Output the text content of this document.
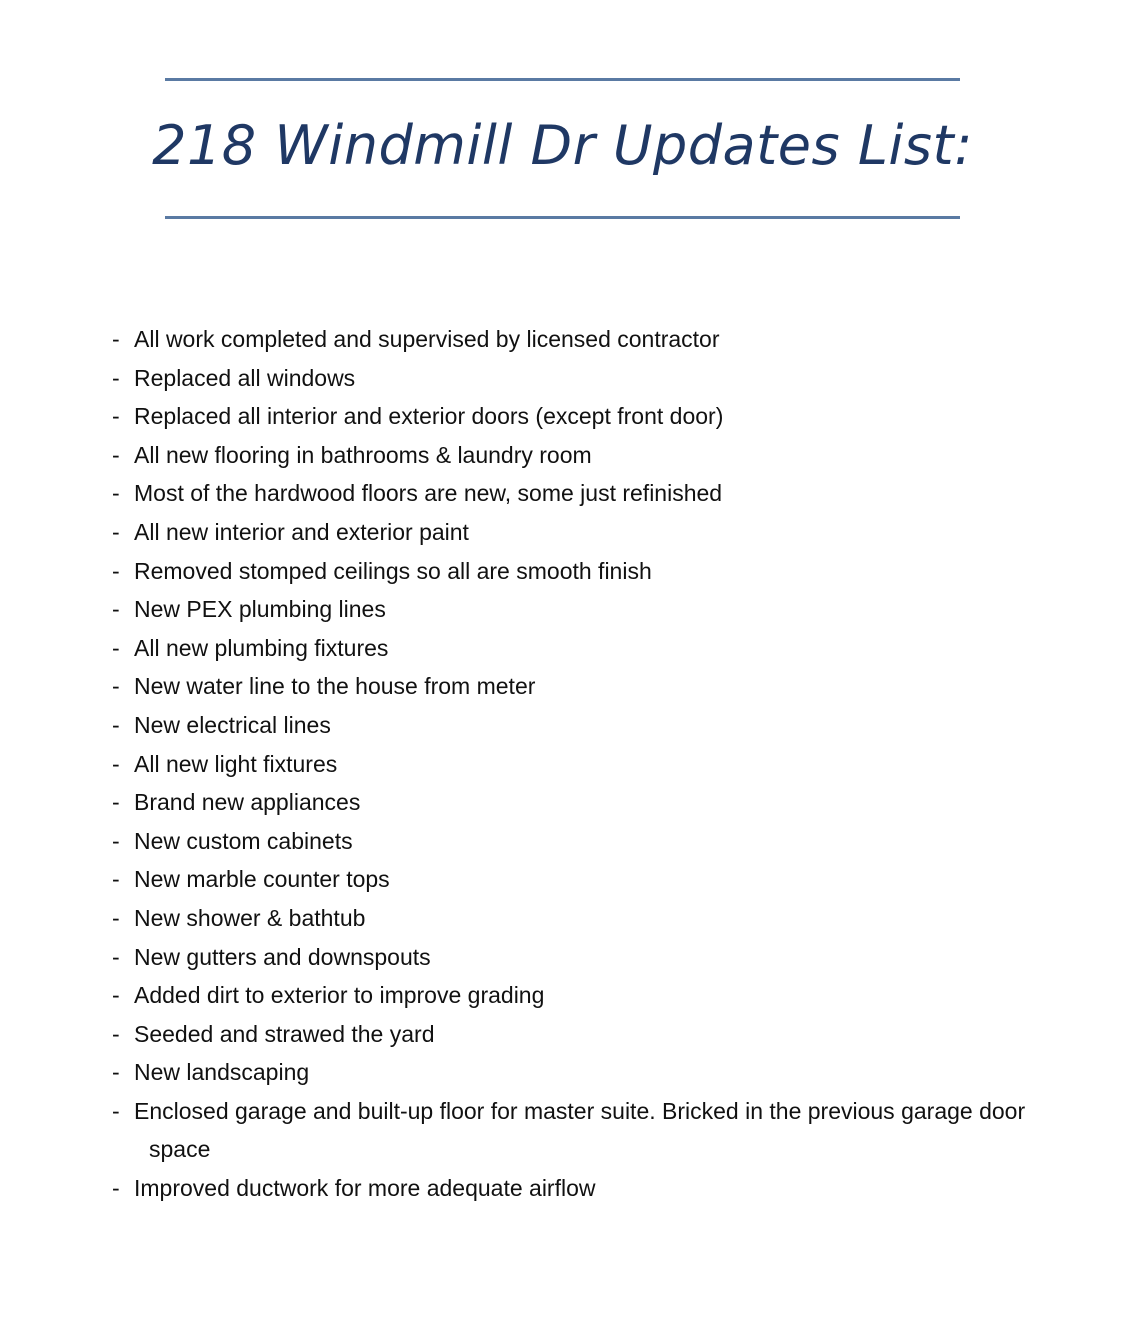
218 Windmill Dr Updates List:
- All work completed and supervised by licensed contractor
- Replaced all windows
- Replaced all interior and exterior doors (except front door)
- All new flooring in bathrooms & laundry room
- Most of the hardwood floors are new, some just refinished
- All new interior and exterior paint
- Removed stomped ceilings so all are smooth finish
- New PEX plumbing lines
- All new plumbing fixtures
- New water line to the house from meter
- New electrical lines
- All new light fixtures
- Brand new appliances
- New custom cabinets
- New marble counter tops
- New shower & bathtub
- New gutters and downspouts
- Added dirt to exterior to improve grading
- Seeded and strawed the yard
- New landscaping
- Enclosed garage and built-up floor for master suite. Bricked in the previous garage door space
- Improved ductwork for more adequate airflow
